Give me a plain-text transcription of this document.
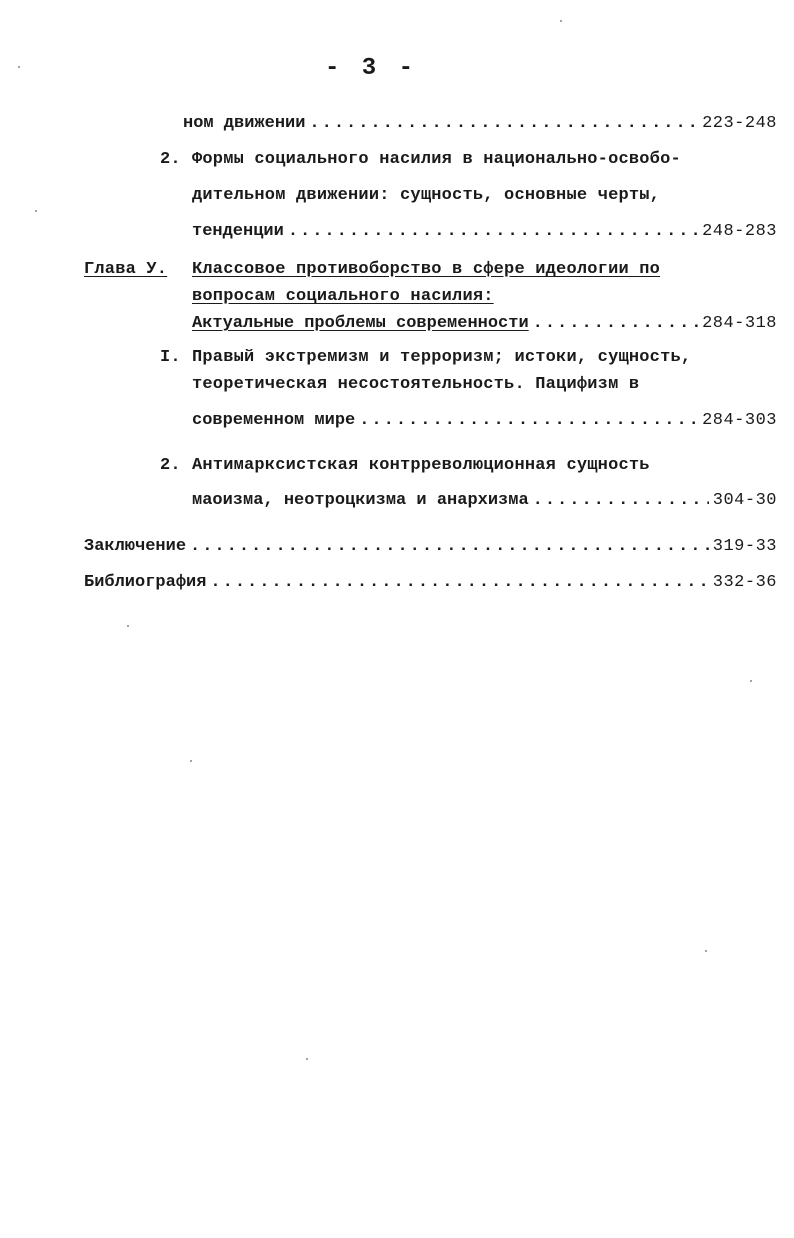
- 3 -
ном движении .....	223-248
2. Формы социального насилия в национально-освобо-
дительном движении: сущность, основные черты,
тенденции .....	248-283
Глава У. Классовое противоборство в сфере идеологии по
вопросам социального насилия:
Актуальные проблемы современности .....	284-318
I. Правый экстремизм и терроризм; истоки, сущность,
теоретическая несостоятельность. Пацифизм в
современном мире .....	284-303
2. Антимарксистская контрреволюционная сущность
маоизма, неотроцкизма и анархизма .....	304-30
Заключение .....	319-33
Библиография .....	332-36
